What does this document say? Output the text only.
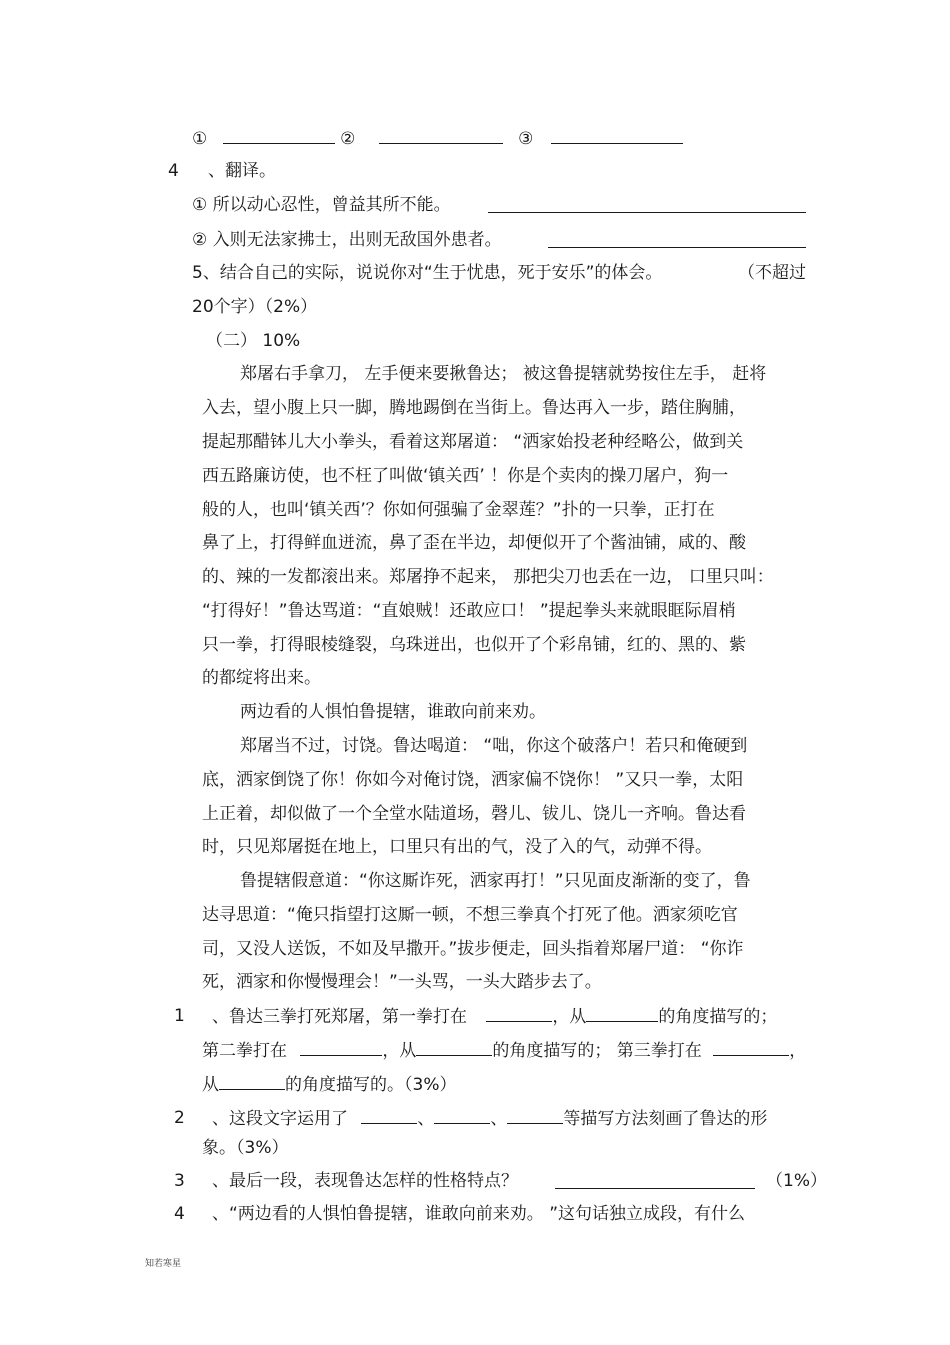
①	②	③
4 、翻译。
① 所以动心忍性，曾益其所不能。
② 入则无法家拂士，出则无敌国外患者。
5、结合自己的实际，说说你对“生于忧患，死于安乐”的体会。	（不超过
20个字）（2%）
（二） 10%
郑屠右手拿刀， 左手便来要揪鲁达； 被这鲁提辖就势按住左手， 赶将
入去，望小腹上只一脚，腾地踢倒在当街上。鲁达再入一步，踏住胸脯，
提起那醋钵儿大小拳头，看着这郑屠道： “洒家始投老种经略公，做到关
西五路廉访使，也不枉了叫做‘镇关西’ ！你是个卖肉的操刀屠户，狗一
般的人，也叫‘镇关西’？你如何强骗了金翠莲？”扑的一只拳，正打在
鼻了上，打得鲜血迸流，鼻了歪在半边，却便似开了个酱油铺，咸的、酸
的、辣的一发都滚出来。郑屠挣不起来， 那把尖刀也丢在一边， 口里只叫：
“打得好！”鲁达骂道：“直娘贼！还敢应口！ ”提起拳头来就眼眶际眉梢
只一拳，打得眼棱缝裂，乌珠迸出，也似开了个彩帛铺，红的、黑的、紫
的都绽将出来。
两边看的人惧怕鲁提辖，谁敢向前来劝。
郑屠当不过，讨饶。鲁达喝道： “咄，你这个破落户！若只和俺硬到
底，洒家倒饶了你！你如今对俺讨饶，洒家偏不饶你！ ”又只一拳，太阳
上正着，却似做了一个全堂水陆道场，磬儿、钹儿、饶儿一齐响。鲁达看
时，只见郑屠挺在地上，口里只有出的气，没了入的气，动弹不得。
鲁提辖假意道：“你这厮诈死，洒家再打！”只见面皮渐渐的变了，鲁
达寻思道：“俺只指望打这厮一顿，不想三拳真个打死了他。洒家须吃官
司，又没人送饭，不如及早撒开。”拔步便走，回头指着郑屠尸道： “你诈
死，洒家和你慢慢理会！”一头骂，一头大踏步去了。
1 、鲁达三拳打死郑屠，第一拳打在	，从	的角度描写的；
第二拳打在	，从	的角度描写的； 第三拳打在	，
从	的角度描写的。（3%）
2 、这段文字运用了	、	、	等描写方法刻画了鲁达的形
象。（3%）
3 、最后一段，表现鲁达怎样的性格特点？	（1%）
4 、“两边看的人惧怕鲁提辖，谁敢向前来劝。 ”这句话独立成段，有什么
知若寒星
